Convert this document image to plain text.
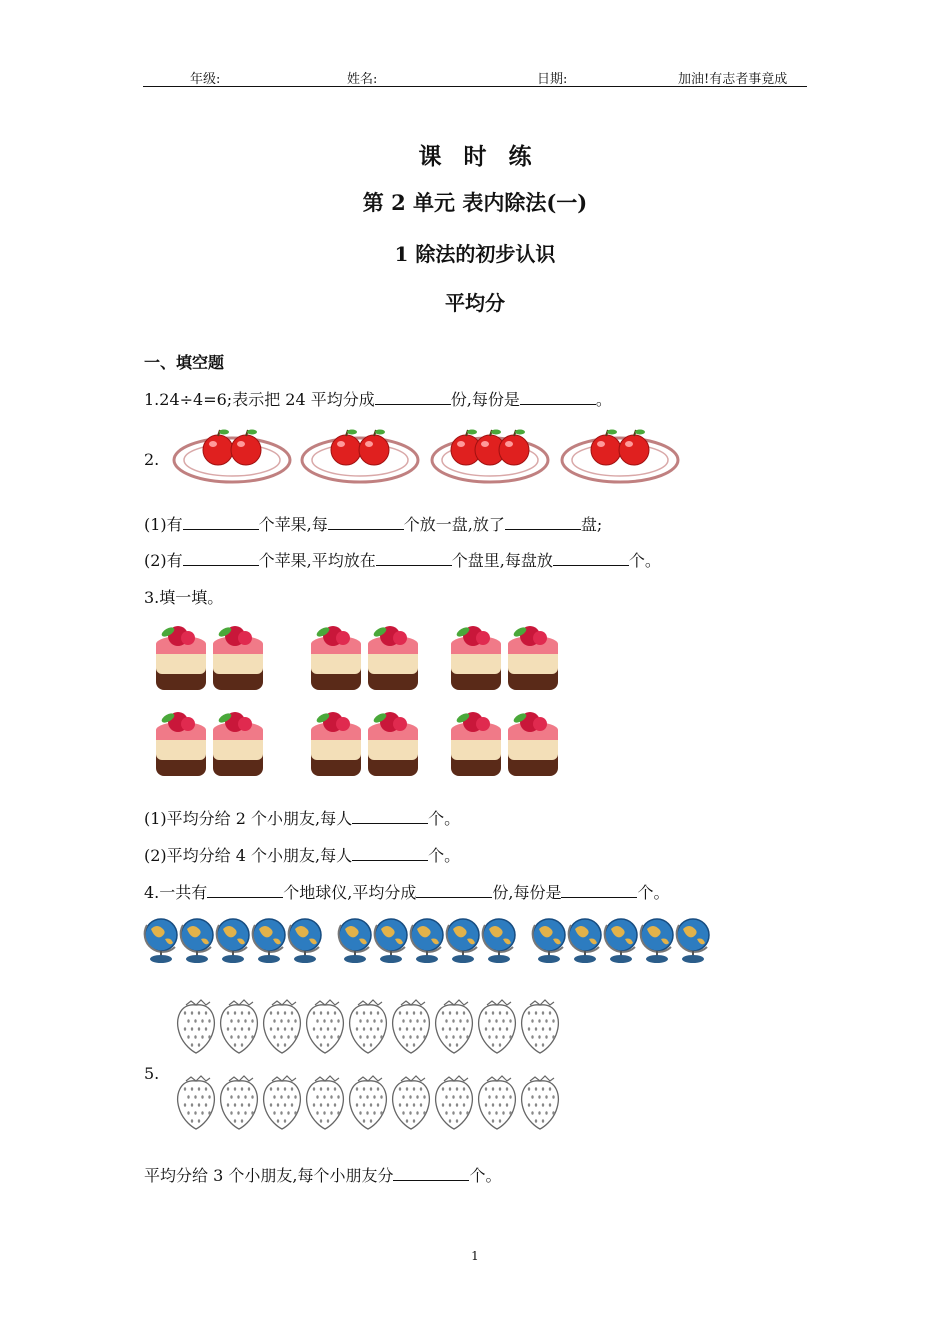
年级:	姓名:	日期:	加油!有志者事竟成
课时练
第 2 单元 表内除法(一)
1 除法的初步认识
平均分
一、填空题
1.24÷4=6;表示把 24 平均分成	份,每份是	。
2.
(1)有	个苹果,每	个放一盘,放了	盘;
(2)有	个苹果,平均放在	个盘里,每盘放	个。
3.填一填。
(1)平均分给 2 个小朋友,每人	个。
(2)平均分给 4 个小朋友,每人	个。
4.一共有	个地球仪,平均分成	份,每份是	个。
5.
平均分给 3 个小朋友,每个小朋友分	个。
1
